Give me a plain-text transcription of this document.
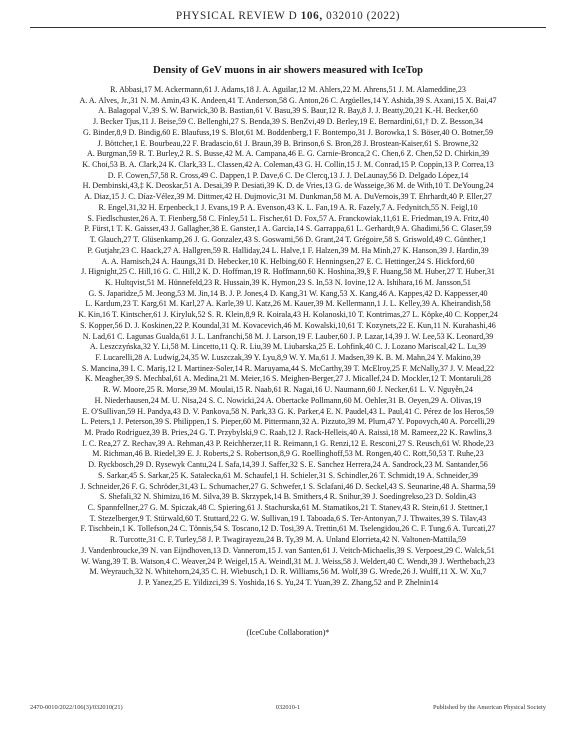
PHYSICAL REVIEW D 106, 032010 (2022)
Density of GeV muons in air showers measured with IceTop
R. Abbasi,17 M. Ackermann,61 J. Adams,18 J. A. Aguilar,12 M. Ahlers,22 M. Ahrens,51 J. M. Alameddine,23
A. A. Alves, Jr.,31 N. M. Amin,43 K. Andeen,41 T. Anderson,58 G. Anton,26 C. Argüelles,14 Y. Ashida,39 S. Axani,15 X. Bai,47
A. Balagopal V.,39 S. W. Barwick,30 B. Bastian,61 V. Basu,39 S. Baur,12 R. Bay,8 J. J. Beatty,20,21 K.-H. Becker,60
J. Becker Tjus,11 J. Beise,59 C. Bellenghi,27 S. Benda,39 S. BenZvi,49 D. Berley,19 E. Bernardini,61,† D. Z. Besson,34
G. Binder,8,9 D. Bindig,60 E. Blaufuss,19 S. Blot,61 M. Boddenberg,1 F. Bontempo,31 J. Borowka,1 S. Böser,40 O. Botner,59
J. Böttcher,1 E. Bourbeau,22 F. Bradascio,61 J. Braun,39 B. Brinson,6 S. Bron,28 J. Brostean-Kaiser,61 S. Browne,32
A. Burgman,59 R. T. Burley,2 R. S. Busse,42 M. A. Campana,46 E. G. Carnie-Bronca,2 C. Chen,6 Z. Chen,52 D. Chirkin,39
K. Choi,53 B. A. Clark,24 K. Clark,33 L. Classen,42 A. Coleman,43 G. H. Collin,15 J. M. Conrad,15 P. Coppin,13 P. Correa,13
D. F. Cowen,57,58 R. Cross,49 C. Dappen,1 P. Dave,6 C. De Clercq,13 J. J. DeLaunay,56 D. Delgado López,14
H. Dembinski,43,‡ K. Deoskar,51 A. Desai,39 P. Desiati,39 K. D. de Vries,13 G. de Wasseige,36 M. de With,10 T. DeYoung,24
A. Diaz,15 J. C. Díaz-Vélez,39 M. Dittmer,42 H. Dujmovic,31 M. Dunkman,58 M. A. DuVernois,39 T. Ehrhardt,40 P. Eller,27
R. Engel,31,32 H. Erpenbeck,1 J. Evans,19 P. A. Evenson,43 K. L. Fan,19 A. R. Fazely,7 A. Fedynitch,55 N. Feigl,10
S. Fiedlschuster,26 A. T. Fienberg,58 C. Finley,51 L. Fischer,61 D. Fox,57 A. Franckowiak,11,61 E. Friedman,19 A. Fritz,40
P. Fürst,1 T. K. Gaisser,43 J. Gallagher,38 E. Ganster,1 A. Garcia,14 S. Garrappa,61 L. Gerhardt,9 A. Ghadimi,56 C. Glaser,59
T. Glauch,27 T. Glüsenkamp,26 J. G. Gonzalez,43 S. Goswami,56 D. Grant,24 T. Grégoire,58 S. Griswold,49 C. Günther,1
P. Gutjahr,23 C. Haack,27 A. Hallgren,59 R. Halliday,24 L. Halve,1 F. Halzen,39 M. Ha Minh,27 K. Hanson,39 J. Hardin,39
A. A. Harnisch,24 A. Haungs,31 D. Hebecker,10 K. Helbing,60 F. Henningsen,27 E. C. Hettinger,24 S. Hickford,60
J. Hignight,25 C. Hill,16 G. C. Hill,2 K. D. Hoffman,19 R. Hoffmann,60 K. Hoshina,39,§ F. Huang,58 M. Huber,27 T. Huber,31
K. Hultqvist,51 M. Hünnefeld,23 R. Hussain,39 K. Hymon,23 S. In,53 N. Iovine,12 A. Ishihara,16 M. Jansson,51
G. S. Japaridze,5 M. Jeong,53 M. Jin,14 B. J. P. Jones,4 D. Kang,31 W. Kang,53 X. Kang,46 A. Kappes,42 D. Kappesser,40
L. Kardum,23 T. Karg,61 M. Karl,27 A. Karle,39 U. Katz,26 M. Kauer,39 M. Kellermann,1 J. L. Kelley,39 A. Kheirandish,58
K. Kin,16 T. Kintscher,61 J. Kiryluk,52 S. R. Klein,8,9 R. Koirala,43 H. Kolanoski,10 T. Kontrimas,27 L. Köpke,40 C. Kopper,24
S. Kopper,56 D. J. Koskinen,22 P. Koundal,31 M. Kovacevich,46 M. Kowalski,10,61 T. Kozynets,22 E. Kun,11 N. Kurahashi,46
N. Lad,61 C. Lagunas Gualda,61 J. L. Lanfranchi,58 M. J. Larson,19 F. Lauber,60 J. P. Lazar,14,39 J. W. Lee,53 K. Leonard,39
A. Leszczyńska,32 Y. Li,58 M. Lincetto,11 Q. R. Liu,39 M. Liubarska,25 E. Lohfink,40 C. J. Lozano Mariscal,42 L. Lu,39
F. Lucarelli,28 A. Ludwig,24,35 W. Luszczak,39 Y. Lyu,8,9 W. Y. Ma,61 J. Madsen,39 K. B. M. Mahn,24 Y. Makino,39
S. Mancina,39 I. C. Mariş,12 I. Martinez-Soler,14 R. Maruyama,44 S. McCarthy,39 T. McElroy,25 F. McNally,37 J. V. Mead,22
K. Meagher,39 S. Mechbal,61 A. Medina,21 M. Meier,16 S. Meighen-Berger,27 J. Micallef,24 D. Mockler,12 T. Montaruli,28
R. W. Moore,25 R. Morse,39 M. Moulai,15 R. Naab,61 R. Nagai,16 U. Naumann,60 J. Necker,61 L. V. Nguyễn,24
H. Niederhausen,24 M. U. Nisa,24 S. C. Nowicki,24 A. Obertacke Pollmann,60 M. Oehler,31 B. Oeyen,29 A. Olivas,19
E. O'Sullivan,59 H. Pandya,43 D. V. Pankova,58 N. Park,33 G. K. Parker,4 E. N. Paudel,43 L. Paul,41 C. Pérez de los Heros,59
L. Peters,1 J. Peterson,39 S. Philippen,1 S. Pieper,60 M. Pittermann,32 A. Pizzuto,39 M. Plum,47 Y. Popovych,40 A. Porcelli,29
M. Prado Rodriguez,39 B. Pries,24 G. T. Przybylski,9 C. Raab,12 J. Rack-Helleis,40 A. Raissi,18 M. Rameez,22 K. Rawlins,3
I. C. Rea,27 Z. Rechav,39 A. Rehman,43 P. Reichherzer,11 R. Reimann,1 G. Renzi,12 E. Resconi,27 S. Reusch,61 W. Rhode,23
M. Richman,46 B. Riedel,39 E. J. Roberts,2 S. Robertson,8,9 G. Roellinghoff,53 M. Rongen,40 C. Rott,50,53 T. Ruhe,23
D. Ryckbosch,29 D. Rysewyk Cantu,24 I. Safa,14,39 J. Saffer,32 S. E. Sanchez Herrera,24 A. Sandrock,23 M. Santander,56
S. Sarkar,45 S. Sarkar,25 K. Satalecka,61 M. Schaufel,1 H. Schieler,31 S. Schindler,26 T. Schmidt,19 A. Schneider,39
J. Schneider,26 F. G. Schröder,31,43 L. Schumacher,27 G. Schwefer,1 S. Sclafani,46 D. Seckel,43 S. Seunarine,48 A. Sharma,59
S. Shefali,32 N. Shimizu,16 M. Silva,39 B. Skrzypek,14 B. Smithers,4 R. Snihur,39 J. Soedingrekso,23 D. Soldin,43
C. Spannfellner,27 G. M. Spiczak,48 C. Spiering,61 J. Stachurska,61 M. Stamatikos,21 T. Stanev,43 R. Stein,61 J. Stettner,1
T. Stezelberger,9 T. Stürwald,60 T. Stuttard,22 G. W. Sullivan,19 I. Taboada,6 S. Ter-Antonyan,7 J. Thwaites,39 S. Tilav,43
F. Tischbein,1 K. Tollefson,24 C. Tönnis,54 S. Toscano,12 D. Tosi,39 A. Trettin,61 M. Tselengidou,26 C. F. Tung,6 A. Turcati,27
R. Turcotte,31 C. F. Turley,58 J. P. Twagirayezu,24 B. Ty,39 M. A. Unland Elorrieta,42 N. Valtonen-Mattila,59
J. Vandenbroucke,39 N. van Eijndhoven,13 D. Vannerom,15 J. van Santen,61 J. Veitch-Michaelis,39 S. Verpoest,29 C. Walck,51
W. Wang,39 T. B. Watson,4 C. Weaver,24 P. Weigel,15 A. Weindl,31 M. J. Weiss,58 J. Weldert,40 C. Wendt,39 J. Werthebach,23
M. Weyrauch,32 N. Whitehorn,24,35 C. H. Wiebusch,1 D. R. Williams,56 M. Wolf,39 G. Wrede,26 J. Wulff,11 X. W. Xu,7
J. P. Yanez,25 E. Yildizci,39 S. Yoshida,16 S. Yu,24 T. Yuan,39 Z. Zhang,52 and P. Zhelnin14
(IceCube Collaboration)*
2470-0010/2022/106(3)/032010(21)	032010-1	Published by the American Physical Society
